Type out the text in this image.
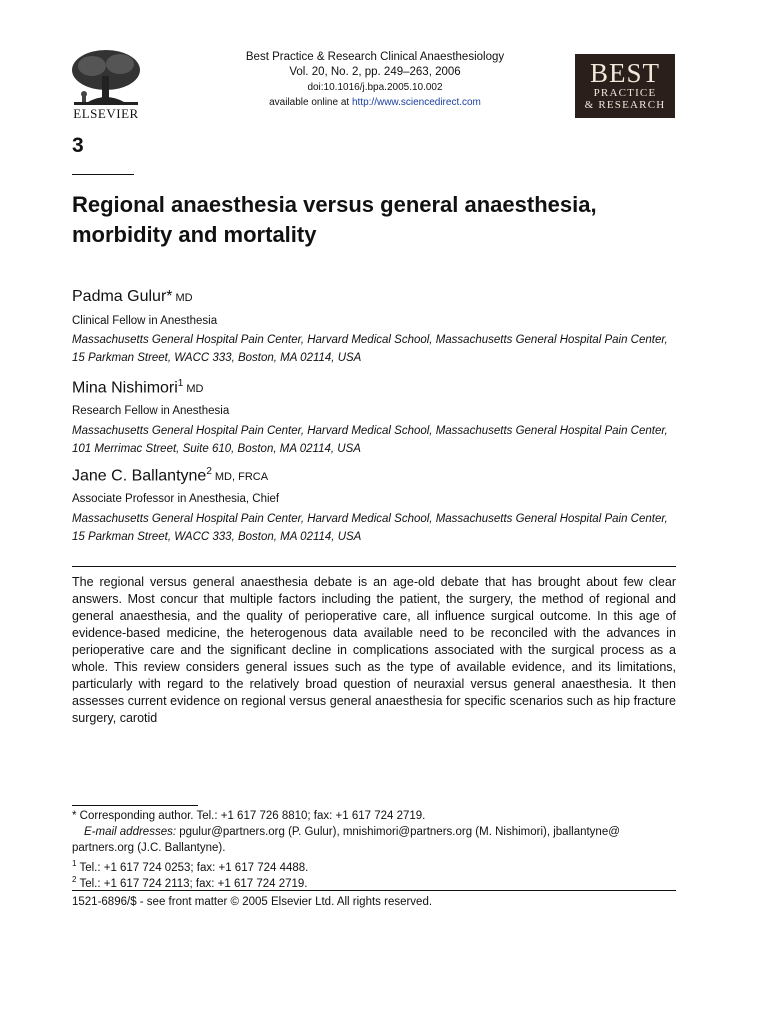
ELSEVIER
Best Practice & Research Clinical Anaesthesiology
Vol. 20, No. 2, pp. 249–263, 2006
doi:10.1016/j.bpa.2005.10.002
available online at http://www.sciencedirect.com
BEST
PRACTICE
& RESEARCH
3
Regional anaesthesia versus general anaesthesia, morbidity and mortality
Padma Gulur* MD
Clinical Fellow in Anesthesia
Massachusetts General Hospital Pain Center, Harvard Medical School, Massachusetts General Hospital Pain Center,
15 Parkman Street, WACC 333, Boston, MA 02114, USA
Mina Nishimori$^1$ MD
Research Fellow in Anesthesia
Massachusetts General Hospital Pain Center, Harvard Medical School, Massachusetts General Hospital Pain Center,
101 Merrimac Street, Suite 610, Boston, MA 02114, USA
Jane C. Ballantyne$^2$ MD, FRCA
Associate Professor in Anesthesia, Chief
Massachusetts General Hospital Pain Center, Harvard Medical School, Massachusetts General Hospital Pain Center,
15 Parkman Street, WACC 333, Boston, MA 02114, USA
The regional versus general anaesthesia debate is an age-old debate that has brought about few clear answers. Most concur that multiple factors including the patient, the surgery, the method of regional and general anaesthesia, and the quality of perioperative care, all influence surgical outcome. In this age of evidence-based medicine, the heterogenous data available need to be reconciled with the advances in perioperative care and the significant decline in complications associated with the surgical process as a whole. This review considers general issues such as the type of available evidence, and its limitations, particularly with regard to the relatively broad question of neuraxial versus general anaesthesia. It then assesses current evidence on regional versus general anaesthesia for specific scenarios such as hip fracture surgery, carotid
* Corresponding author. Tel.: +1 617 726 8810; fax: +1 617 724 2719.
E-mail addresses: pgulur@partners.org (P. Gulur), mnishimori@partners.org (M. Nishimori), jballantyne@
partners.org (J.C. Ballantyne).
$^1$ Tel.: +1 617 724 0253; fax: +1 617 724 4488.
$^2$ Tel.: +1 617 724 2113; fax: +1 617 724 2719.
1521-6896/$ - see front matter © 2005 Elsevier Ltd. All rights reserved.
